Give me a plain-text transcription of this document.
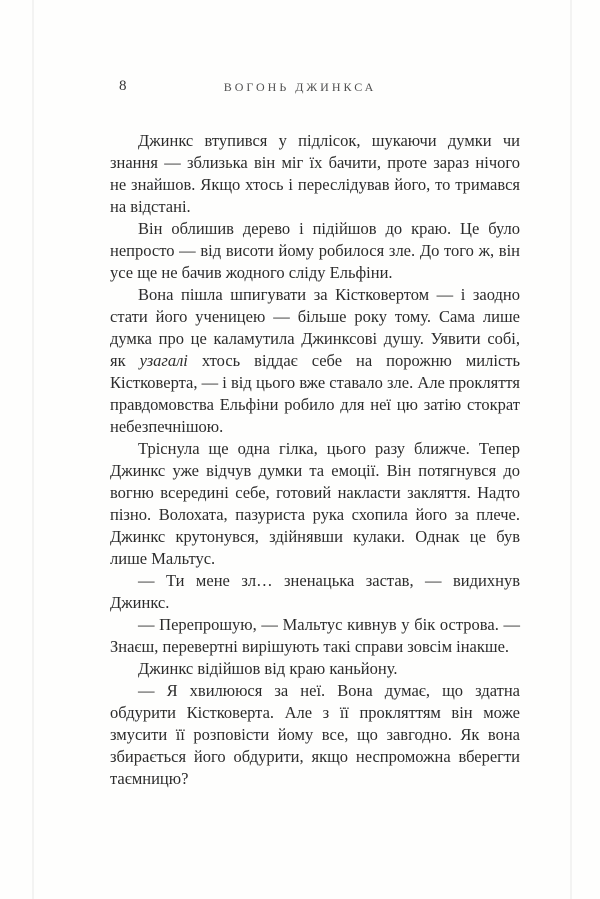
8	ВОГОНЬ ДЖИНКСА

Джинкс втупився у підлісок, шукаючи думки чи знання — зблизька він міг їх бачити, проте зараз нічого не знайшов. Якщо хтось і переслідував його, то тримався на відстані.

Він облишив дерево і підійшов до краю. Це було непросто — від висоти йому робилося зле. До того ж, він усе ще не бачив жодного сліду Ельфіни.

Вона пішла шпигувати за Кістковертом — і заодно стати його ученицею — більше року тому. Сама лише думка про це каламутила Джинксові душу. Уявити собі, як узагалі хтось віддає себе на порожню милість Кістковерта, — і від цього вже ставало зле. Але прокляття правдомовства Ельфіни робило для неї цю затію стократ небезпечнішою.

Тріснула ще одна гілка, цього разу ближче. Тепер Джинкс уже відчув думки та емоції. Він потягнувся до вогню всередині себе, готовий накласти закляття. Надто пізно. Волохата, пазуриста рука схопила його за плече. Джинкс крутонувся, здійнявши кулаки. Однак це був лише Мальтус.

— Ти мене зл… зненацька застав, — видихнув Джинкс.

— Перепрошую, — Мальтус кивнув у бік острова. — Знаєш, перевертні вирішують такі справи зовсім інакше.

Джинкс відійшов від краю каньйону.

— Я хвилююся за неї. Вона думає, що здатна обдурити Кістковерта. Але з її прокляттям він може змусити її розповісти йому все, що завгодно. Як вона збирається його обдурити, якщо неспроможна вберегти таємницю?
